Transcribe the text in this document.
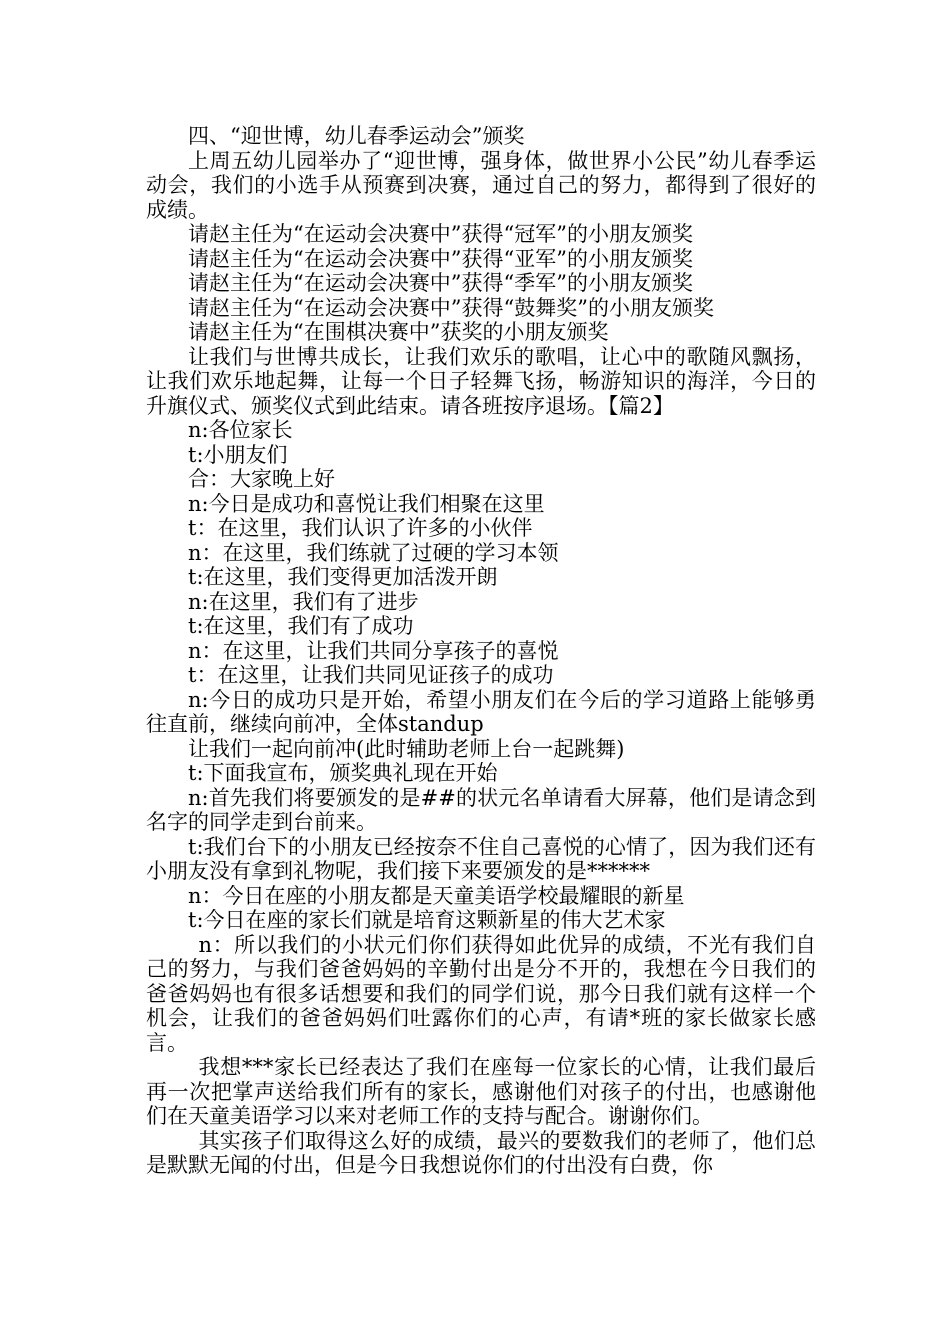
四、“迎世博，幼儿春季运动会”颁奖

上周五幼儿园举办了“迎世博，强身体，做世界小公民”幼儿春季运动会，我们的小选手从预赛到决赛，通过自己的努力，都得到了很好的成绩。

请赵主任为“在运动会决赛中”获得“冠军”的小朋友颁奖

请赵主任为“在运动会决赛中”获得“亚军”的小朋友颁奖

请赵主任为“在运动会决赛中”获得“季军”的小朋友颁奖

请赵主任为“在运动会决赛中”获得“鼓舞奖”的小朋友颁奖

请赵主任为“在围棋决赛中”获奖的小朋友颁奖

让我们与世博共成长，让我们欢乐的歌唱，让心中的歌随风飘扬，让我们欢乐地起舞，让每一个日子轻舞飞扬，畅游知识的海洋，今日的升旗仪式、颁奖仪式到此结束。请各班按序退场。【篇2】

n:各位家长

t:小朋友们

合：大家晚上好

n:今日是成功和喜悦让我们相聚在这里

t：在这里，我们认识了许多的小伙伴

n：在这里，我们练就了过硬的学习本领

t:在这里，我们变得更加活泼开朗

n:在这里，我们有了进步

t:在这里，我们有了成功

n：在这里，让我们共同分享孩子的喜悦

t：在这里，让我们共同见证孩子的成功

n:今日的成功只是开始，希望小朋友们在今后的学习道路上能够勇往直前，继续向前冲，全体standup

让我们一起向前冲(此时辅助老师上台一起跳舞)

t:下面我宣布，颁奖典礼现在开始

n:首先我们将要颁发的是##的状元名单请看大屏幕，他们是请念到名字的同学走到台前来。

t:我们台下的小朋友已经按奈不住自己喜悦的心情了，因为我们还有小朋友没有拿到礼物呢，我们接下来要颁发的是******

n：今日在座的小朋友都是天童美语学校最耀眼的新星

t:今日在座的家长们就是培育这颗新星的伟大艺术家

n：所以我们的小状元们你们获得如此优异的成绩，不光有我们自己的努力，与我们爸爸妈妈的辛勤付出是分不开的，我想在今日我们的爸爸妈妈也有很多话想要和我们的同学们说，那今日我们就有这样一个机会，让我们的爸爸妈妈们吐露你们的心声，有请*班的家长做家长感言。

我想***家长已经表达了我们在座每一位家长的心情，让我们最后再一次把掌声送给我们所有的家长，感谢他们对孩子的付出，也感谢他们在天童美语学习以来对老师工作的支持与配合。谢谢你们。

其实孩子们取得这么好的成绩，最兴的要数我们的老师了，他们总是默默无闻的付出，但是今日我想说你们的付出没有白费，你
